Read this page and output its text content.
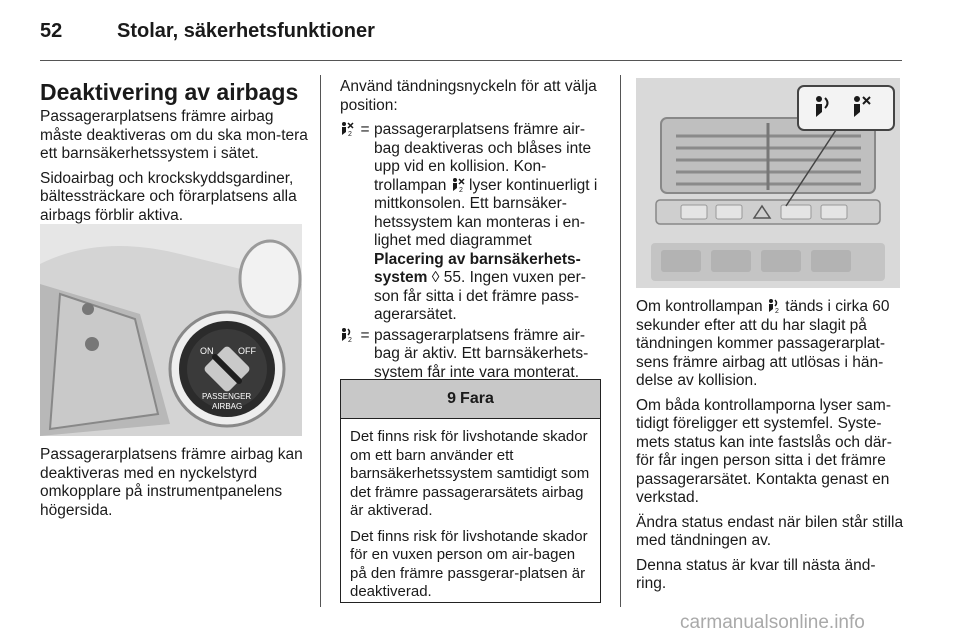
52	Stolar, säkerhetsfunktioner
Deaktivering av airbags

Passagerarplatsens främre airbag måste deaktiveras om du ska mon-tera ett barnsäkerhetssystem i sätet.

Sidoairbag och krockskyddsgardiner, bältessträckare och förarplatsens alla airbags förblir aktiva.

ON	OFF
PASSENGER
AIRBAG

Passagerarplatsens främre airbag kan deaktiveras med en nyckelstyrd omkopplare på instrumentpanelens högersida.

Använd tändningsnyckeln för att välja position:

2 = passagerarplatsens främre air-bag deaktiveras och blåses inte upp vid en kollision. Kon-trollampan 2 lyser kontinuerligt i mittkonsolen. Ett barnsäker-hetssystem kan monteras i en-lighet med diagrammet Placering av barnsäkerhets-system ◊ 55. Ingen vuxen per-son får sitta i det främre pass-agerarsätet.
2 = passagerarplatsens främre air-bag är aktiv. Ett barnsäkerhets-system får inte vara monterat.
9 Fara

Det finns risk för livshotande skador om ett barn använder ett barnsäkerhetssystem samtidigt som det främre passagerarsätets airbag är aktiverad.

Det finns risk för livshotande skador för en vuxen person om air-bagen på den främre passgerar-platsen är deaktiverad.

Om kontrollampan 2 tänds i cirka 60 sekunder efter att du har slagit på tändningen kommer passagerarplat-sens främre airbag att utlösas i hän-delse av kollision.

Om båda kontrollamporna lyser sam-tidigt föreligger ett systemfel. Syste-mets status kan inte fastslås och där-för får ingen person sitta i det främre passagerarsätet. Kontakta genast en verkstad.

Ändra status endast när bilen står stilla med tändningen av.

Denna status är kvar till nästa änd-ring.

carmanualsonline.info
